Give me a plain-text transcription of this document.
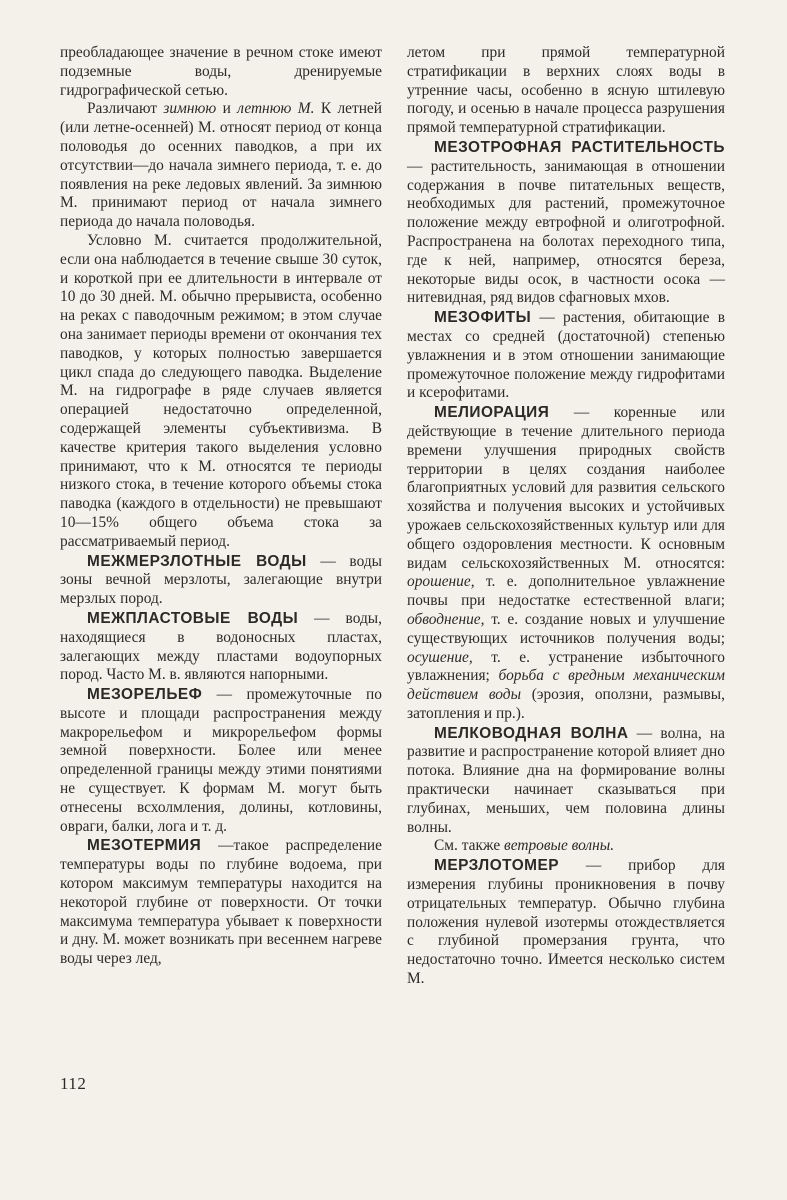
преобладающее значение в речном стоке имеют подземные воды, дренируемые гидрографической сетью.

Различают зимнюю и летнюю М. К летней (или летне-осенней) М. относят период от конца половодья до осенних паводков, а при их отсутствии—до начала зимнего периода, т. е. до появления на реке ледовых явлений. За зимнюю М. принимают период от начала зимнего периода до начала половодья.

Условно М. считается продолжительной, если она наблюдается в течение свыше 30 суток, и короткой при ее длительности в интервале от 10 до 30 дней. М. обычно прерывиста, особенно на реках с паводочным режимом; в этом случае она занимает периоды времени от окончания тех паводков, у которых полностью завершается цикл спада до следующего паводка. Выделение М. на гидрографе в ряде случаев является операцией недостаточно определенной, содержащей элементы субъективизма. В качестве критерия такого выделения условно принимают, что к М. относятся те периоды низкого стока, в течение которого объемы стока паводка (каждого в отдельности) не превышают 10—15% общего объема стока за рассматриваемый период.

МЕЖМЕРЗЛОТНЫЕ ВОДЫ — воды зоны вечной мерзлоты, залегающие внутри мерзлых пород.

МЕЖПЛАСТОВЫЕ ВОДЫ — воды, находящиеся в водоносных пластах, залегающих между пластами водоупорных пород. Часто М. в. являются напорными.

МЕЗОРЕЛЬЕФ — промежуточные по высоте и площади распространения между макрорельефом и микрорельефом формы земной поверхности. Более или менее определенной границы между этими понятиями не существует. К формам М. могут быть отнесены всхолмления, долины, котловины, овраги, балки, лога и т. д.

МЕЗОТЕРМИЯ —такое распределение температуры воды по глубине водоема, при котором максимум температуры находится на некоторой глубине от поверхности. От точки максимума температура убывает к поверхности и дну. М. может возникать при весеннем нагреве воды через лед,

летом при прямой температурной стратификации в верхних слоях воды в утренние часы, особенно в ясную штилевую погоду, и осенью в начале процесса разрушения прямой температурной стратификации.

МЕЗОТРОФНАЯ РАСТИТЕЛЬНОСТЬ — растительность, занимающая в отношении содержания в почве питательных веществ, необходимых для растений, промежуточное положение между евтрофной и олиготрофной. Распространена на болотах переходного типа, где к ней, например, относятся береза, некоторые виды осок, в частности осока — нитевидная, ряд видов сфагновых мхов.

МЕЗОФИТЫ — растения, обитающие в местах со средней (достаточной) степенью увлажнения и в этом отношении занимающие промежуточное положение между гидрофитами и ксерофитами.

МЕЛИОРАЦИЯ — коренные или действующие в течение длительного периода времени улучшения природных свойств территории в целях создания наиболее благоприятных условий для развития сельского хозяйства и получения высоких и устойчивых урожаев сельскохозяйственных культур или для общего оздоровления местности. К основным видам сельскохозяйственных М. относятся: орошение, т. е. дополнительное увлажнение почвы при недостатке естественной влаги; обводнение, т. е. создание новых и улучшение существующих источников получения воды; осушение, т. е. устранение избыточного увлажнения; борьба с вредным механическим действием воды (эрозия, оползни, размывы, затопления и пр.).

МЕЛКОВОДНАЯ ВОЛНА — волна, на развитие и распространение которой влияет дно потока. Влияние дна на формирование волны практически начинает сказываться при глубинах, меньших, чем половина длины волны.

См. также ветровые волны.

МЕРЗЛОТОМЕР — прибор для измерения глубины проникновения в почву отрицательных температур. Обычно глубина положения нулевой изотермы отождествляется с глубиной промерзания грунта, что недостаточно точно. Имеется несколько систем М.

112
